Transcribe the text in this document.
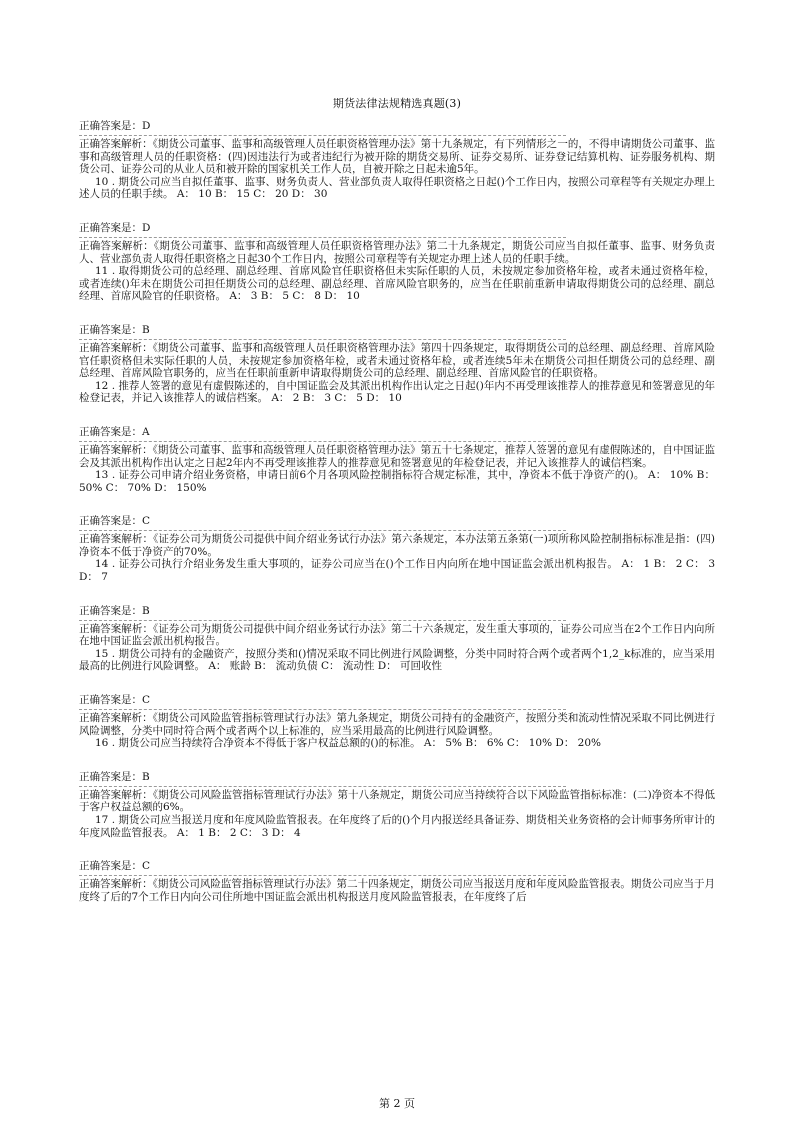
期货法律法规精选真题(3)
正确答案是：D

正确答案解析：《期货公司董事、监事和高级管理人员任职资格管理办法》第十九条规定，有下列情形之一的，不得申请期货公司董事、监事和高级管理人员的任职资格：(四)因违法行为或者违纪行为被开除的期货交易所、证券交易所、证券登记结算机构、证券服务机构、期货公司、证券公司的从业人员和被开除的国家机关工作人员，自被开除之日起未逾5年。

10 . 期货公司应当自拟任董事、监事、财务负责人、营业部负责人取得任职资格之日起()个工作日内，按照公司章程等有关规定办理上述人员的任职手续。 A： 10 B： 15 C： 20 D： 30

正确答案是：D

正确答案解析：《期货公司董事、监事和高级管理人员任职资格管理办法》第二十九条规定，期货公司应当自拟任董事、监事、财务负责人、营业部负责人取得任职资格之日起30个工作日内，按照公司章程等有关规定办理上述人员的任职手续。

11 . 取得期货公司的总经理、副总经理、首席风险官任职资格但未实际任职的人员，未按规定参加资格年检，或者未通过资格年检，或者连续()年未在期货公司担任期货公司的总经理、副总经理、首席风险官职务的，应当在任职前重新申请取得期货公司的总经理、副总经理、首席风险官的任职资格。 A： 3 B： 5 C： 8 D： 10

正确答案是：B

正确答案解析：《期货公司董事、监事和高级管理人员任职资格管理办法》第四十四条规定，取得期货公司的总经理、副总经理、首席风险官任职资格但未实际任职的人员，未按规定参加资格年检，或者未通过资格年检，或者连续5年未在期货公司担任期货公司的总经理、副总经理、首席风险官职务的，应当在任职前重新申请取得期货公司的总经理、副总经理、首席风险官的任职资格。

12 . 推荐人签署的意见有虚假陈述的，自中国证监会及其派出机构作出认定之日起()年内不再受理该推荐人的推荐意见和签署意见的年检登记表，并记入该推荐人的诚信档案。 A： 2 B： 3 C： 5 D： 10

正确答案是：A

正确答案解析：《期货公司董事、监事和高级管理人员任职资格管理办法》第五十七条规定，推荐人签署的意见有虚假陈述的，自中国证监会及其派出机构作出认定之日起2年内不再受理该推荐人的推荐意见和签署意见的年检登记表，并记入该推荐人的诚信档案。

13 . 证券公司申请介绍业务资格，申请日前6个月各项风险控制指标符合规定标准，其中，净资本不低于净资产的()。 A： 10% B： 50% C： 70% D： 150%

正确答案是：C

正确答案解析：《证券公司为期货公司提供中间介绍业务试行办法》第六条规定，本办法第五条第(一)项所称风险控制指标标准是指：(四)净资本不低于净资产的70%。

14 . 证券公司执行介绍业务发生重大事项的，证券公司应当在()个工作日内向所在地中国证监会派出机构报告。 A： 1 B： 2 C： 3 D： 7

正确答案是：B

正确答案解析：《证券公司为期货公司提供中间介绍业务试行办法》第二十六条规定，发生重大事项的，证券公司应当在2个工作日内向所在地中国证监会派出机构报告。

15 . 期货公司持有的金融资产，按照分类和()情况采取不同比例进行风险调整，分类中同时符合两个或者两个1,2_k标准的，应当采用最高的比例进行风险调整。 A： 账龄 B： 流动负债 C： 流动性 D： 可回收性

正确答案是：C

正确答案解析：《期货公司风险监管指标管理试行办法》第九条规定，期货公司持有的金融资产，按照分类和流动性情况采取不同比例进行风险调整，分类中同时符合两个或者两个以上标准的，应当采用最高的比例进行风险调整。

16 . 期货公司应当持续符合净资本不得低于客户权益总额的()的标准。 A： 5% B： 6% C： 10% D： 20%

正确答案是：B

正确答案解析：《期货公司风险监管指标管理试行办法》第十八条规定，期货公司应当持续符合以下风险监管指标标准：(二)净资本不得低于客户权益总额的6%。

17 . 期货公司应当报送月度和年度风险监管报表。在年度终了后的()个月内报送经具备证券、期货相关业务资格的会计师事务所审计的年度风险监管报表。 A： 1 B： 2 C： 3 D： 4

正确答案是：C

正确答案解析：《期货公司风险监管指标管理试行办法》第二十四条规定，期货公司应当报送月度和年度风险监管报表。期货公司应当于月度终了后的7个工作日内向公司住所地中国证监会派出机构报送月度风险监管报表，在年度终了后

第 2 页
